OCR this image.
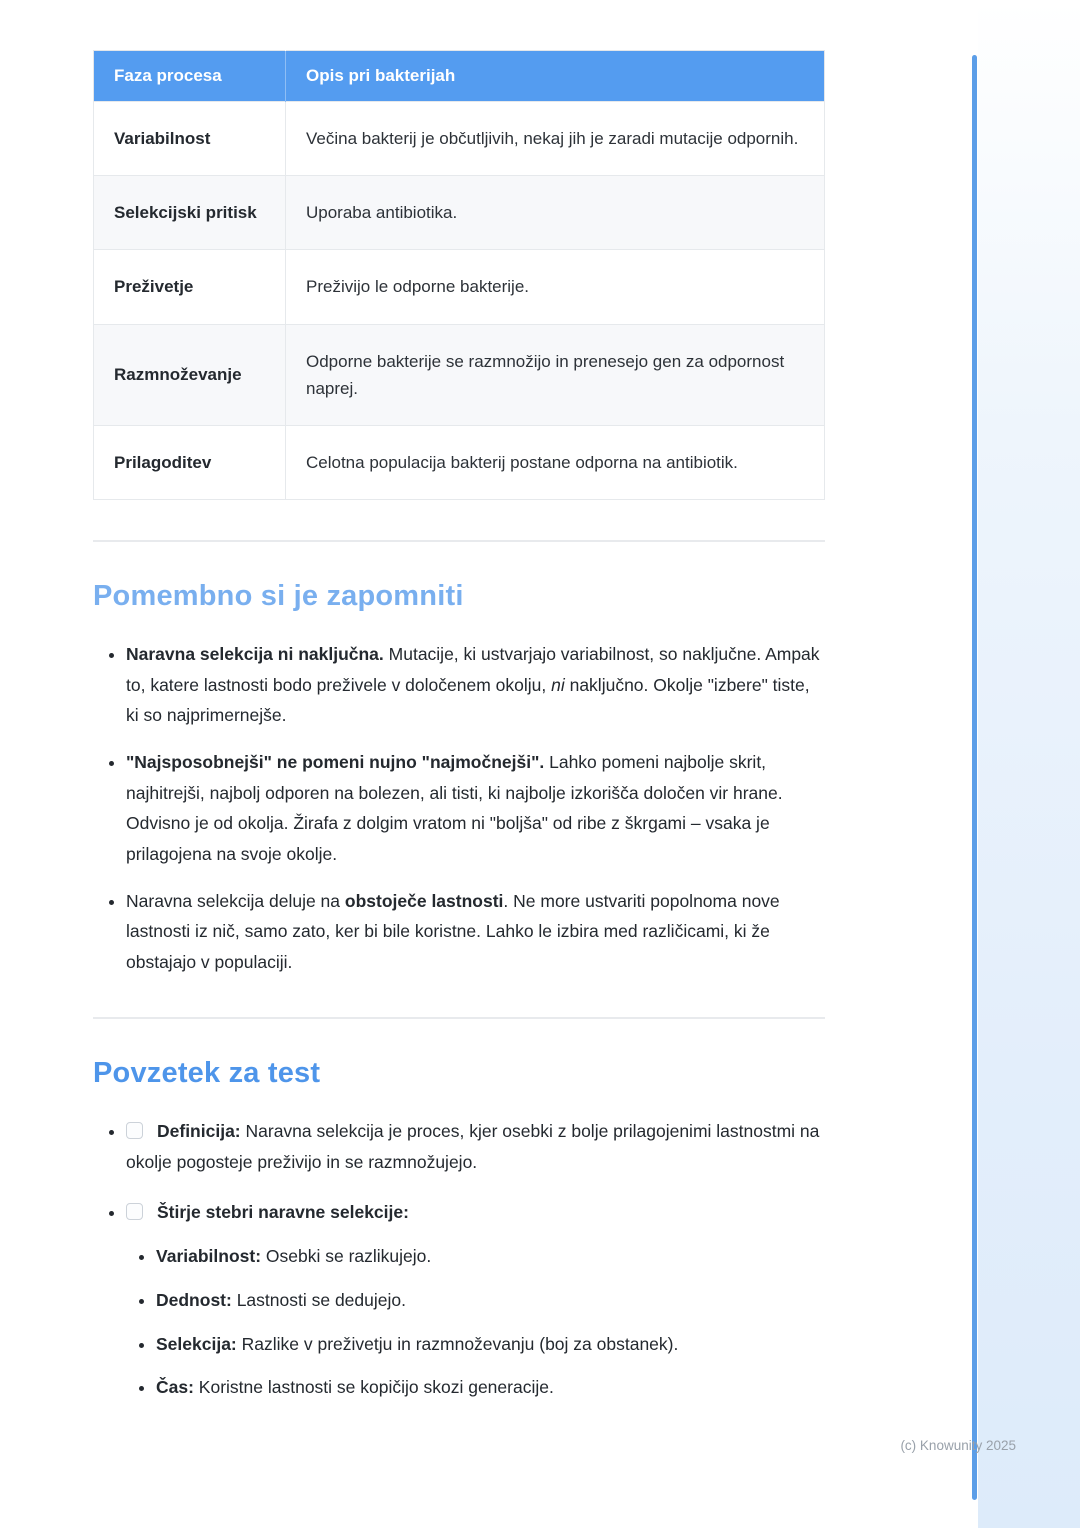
Faza procesa	Opis pri bakterijah
Variabilnost	Večina bakterij je občutljivih, nekaj jih je zaradi mutacije odpornih.
Selekcijski pritisk	Uporaba antibiotika.
Preživetje	Preživijo le odporne bakterije.
Razmnoževanje	Odporne bakterije se razmnožijo in prenesejo gen za odpornost naprej.
Prilagoditev	Celotna populacija bakterij postane odporna na antibiotik.
Pomembno si je zapomniti
• Naravna selekcija ni naključna. Mutacije, ki ustvarjajo variabilnost, so naključne. Ampak to, katere lastnosti bodo preživele v določenem okolju, ni naključno. Okolje "izbere" tiste, ki so najprimernejše.
• "Najsposobnejši" ne pomeni nujno "najmočnejši". Lahko pomeni najbolje skrit, najhitrejši, najbolj odporen na bolezen, ali tisti, ki najbolje izkorišča določen vir hrane. Odvisno je od okolja. Žirafa z dolgim vratom ni "boljša" od ribe z škrgami – vsaka je prilagojena na svoje okolje.
• Naravna selekcija deluje na obstoječe lastnosti. Ne more ustvariti popolnoma nove lastnosti iz nič, samo zato, ker bi bile koristne. Lahko le izbira med različicami, ki že obstajajo v populaciji.
Povzetek za test
• Definicija: Naravna selekcija je proces, kjer osebki z bolje prilagojenimi lastnostmi na okolje pogosteje preživijo in se razmnožujejo.
• Štirje stebri naravne selekcije:
• Variabilnost: Osebki se razlikujejo.
• Dednost: Lastnosti se dedujejo.
• Selekcija: Razlike v preživetju in razmnoževanju (boj za obstanek).
• Čas: Koristne lastnosti se kopičijo skozi generacije.
(c) Knowunity 2025
